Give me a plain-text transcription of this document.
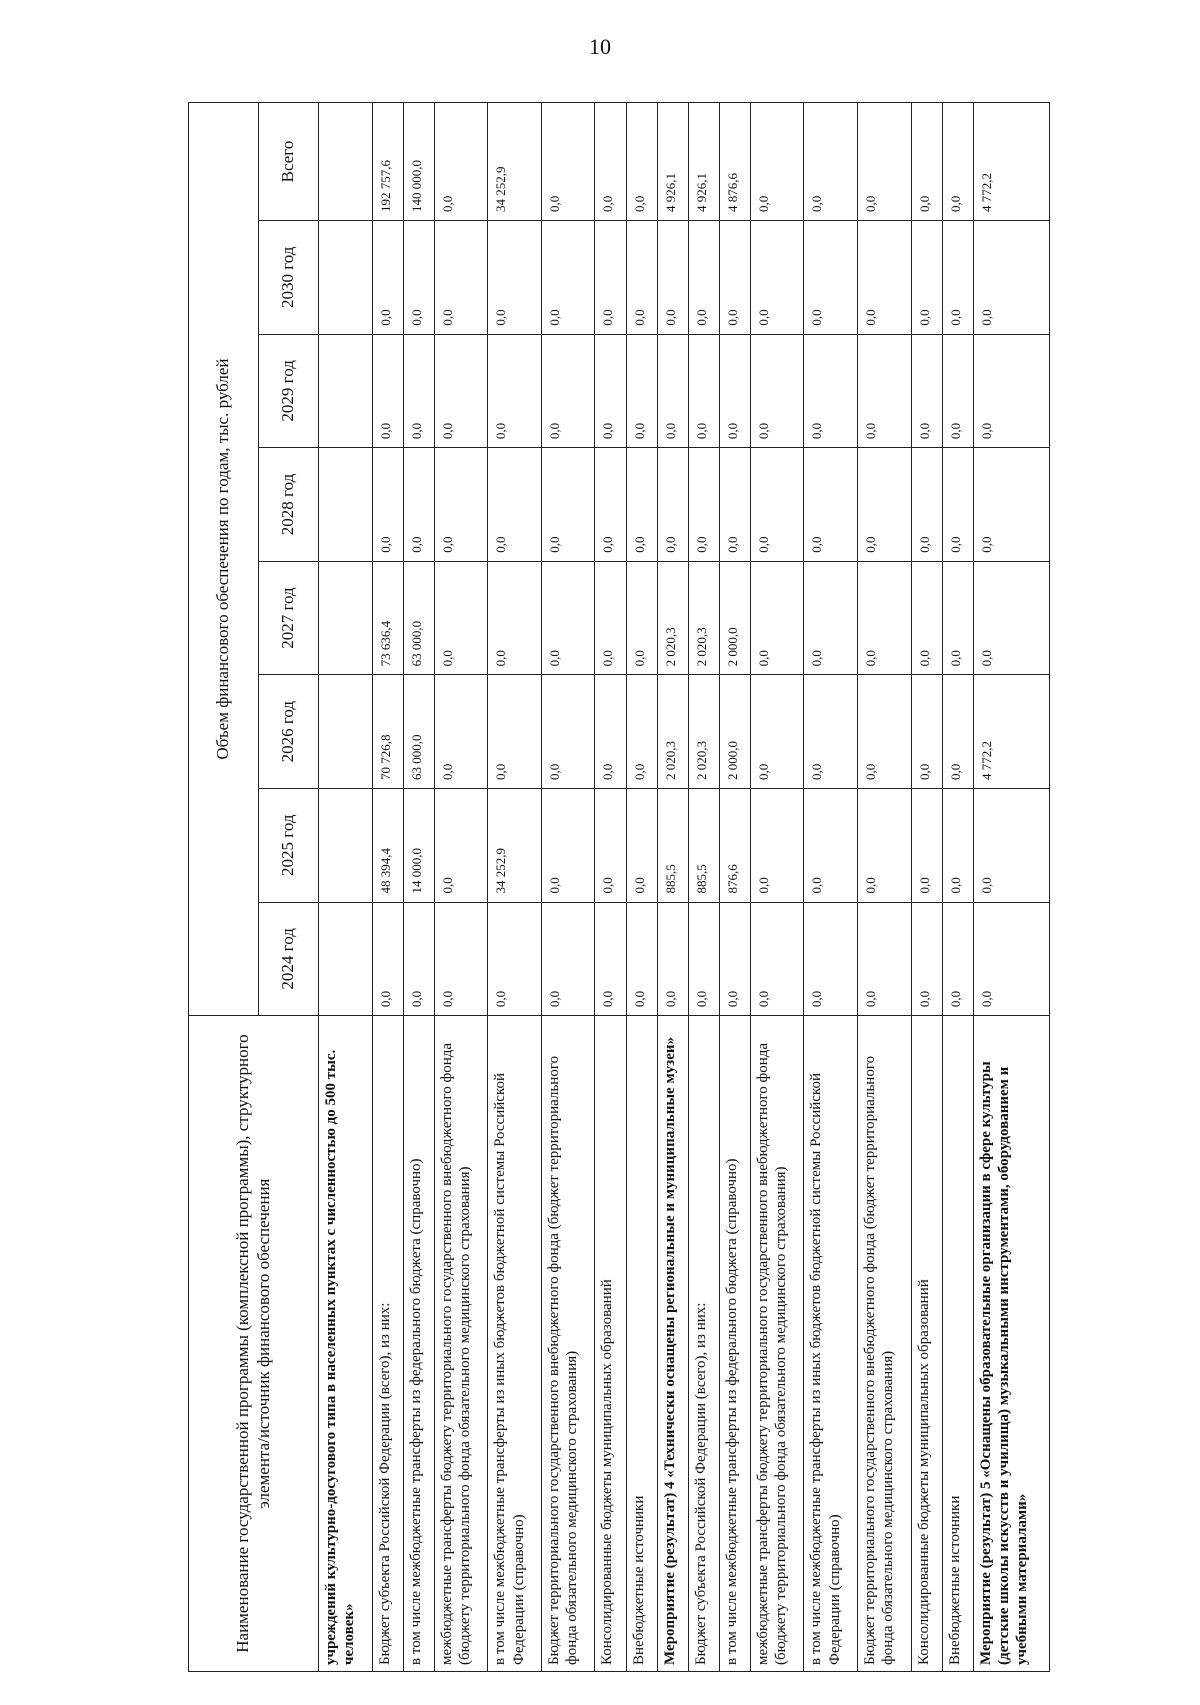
10
Наименование государственной программы (комплексной программы), структурного элемента/источник финансового обеспечения	Объем финансового обеспечения по годам, тыс. рублей							
	2024 год	2025 год	2026 год	2027 год	2028 год	2029 год	2030 год	Всего
учреждений культурно-досугового типа в населенных пунктах с численностью до 500 тыс. человек»								
Бюджет субъекта Российской Федерации (всего), из них:	0,0	48 394,4	70 726,8	73 636,4	0,0	0,0	0,0	192 757,6
в том числе межбюджетные трансферты из федерального бюджета (справочно)	0,0	14 000,0	63 000,0	63 000,0	0,0	0,0	0,0	140 000,0
межбюджетные трансферты бюджету территориального государственного внебюджетного фонда (бюджету территориального фонда обязательного медицинского страхования)	0,0	0,0	0,0	0,0	0,0	0,0	0,0	0,0
в том числе межбюджетные трансферты из иных бюджетов бюджетной системы Российской Федерации (справочно)	0,0	34 252,9	0,0	0,0	0,0	0,0	0,0	34 252,9
Бюджет территориального государственного внебюджетного фонда (бюджет территориального фонда обязательного медицинского страхования)	0,0	0,0	0,0	0,0	0,0	0,0	0,0	0,0
Консолидированные бюджеты муниципальных образований	0,0	0,0	0,0	0,0	0,0	0,0	0,0	0,0
Внебюджетные источники	0,0	0,0	0,0	0,0	0,0	0,0	0,0	0,0
Мероприятие (результат) 4 «Технически оснащены региональные и муниципальные музеи»	0,0	885,5	2 020,3	2 020,3	0,0	0,0	0,0	4 926,1
Бюджет субъекта Российской Федерации (всего), из них:	0,0	885,5	2 020,3	2 020,3	0,0	0,0	0,0	4 926,1
в том числе межбюджетные трансферты из федерального бюджета (справочно)	0,0	876,6	2 000,0	2 000,0	0,0	0,0	0,0	4 876,6
межбюджетные трансферты бюджету территориального государственного внебюджетного фонда (бюджету территориального фонда обязательного медицинского страхования)	0,0	0,0	0,0	0,0	0,0	0,0	0,0	0,0
в том числе межбюджетные трансферты из иных бюджетов бюджетной системы Российской Федерации (справочно)	0,0	0,0	0,0	0,0	0,0	0,0	0,0	0,0
Бюджет территориального государственного внебюджетного фонда (бюджет территориального фонда обязательного медицинского страхования)	0,0	0,0	0,0	0,0	0,0	0,0	0,0	0,0
Консолидированные бюджеты муниципальных образований	0,0	0,0	0,0	0,0	0,0	0,0	0,0	0,0
Внебюджетные источники	0,0	0,0	0,0	0,0	0,0	0,0	0,0	0,0
Мероприятие (результат) 5 «Оснащены образовательные организации в сфере культуры (детские школы искусств и училища) музыкальными инструментами, оборудованием и учебными материалами»	0,0	0,0	4 772,2	0,0	0,0	0,0	0,0	4 772,2
